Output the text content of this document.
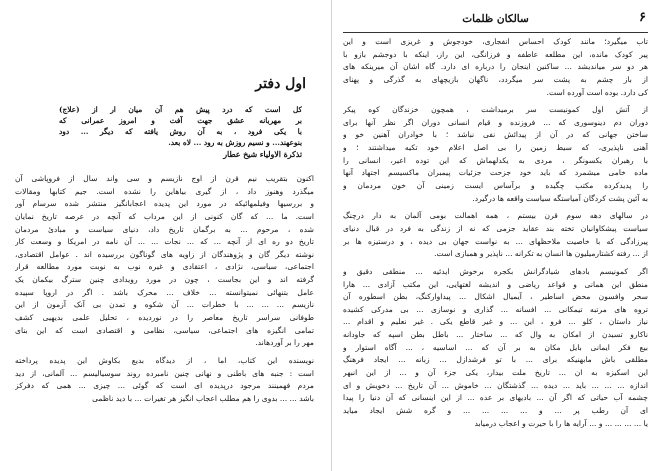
۶
سالکان ظلمات
تاب میگیرد؛ مانند کودک احساس انفجاری، خودجوش و غریزی است و این
پیر کودک مانده، این مطلعه عاطفه و فرزانگی، این راز، اینکه با دوجشم بازو با
هر دو سر میاندیشد ... ساکنین اینجان را درباره ای دارد. گاه اشان آن میرینکه های
از باز چشم به پشت سر میگردد، ناگهان بازیچهای به گذرگی و پهنای
کی دارد. بوده است آورده است.
از آتش اول کمونیست سر برمیداشت ، همچون خزندگان کوه پیکر
دوران دم دینوسوری که ... فروزنده و قیام انسانی دوران اگر نظر آنها برای
ساختن جهانی که در آن از پیدائش نفی نباشد ؛ با خوادران آهنین خو و
آهنی ناپذیری، که سیط زمین را بی اصل اعلام خود تکیه میداشتند ؛ و
با رهبران یکسونگر ، مردی به یکدلهماش که این توده اعیر، انسانی را
ماده خامی میشمرد که باید خود جزحت جزئیات پیمبران ماکسیسم اجتهاد آنها
را پدیدکرده مکتب چگیده و برآساس ایست زمینی آن خون مردمان و
به آئین پشت کردگان آمیاستگه سیاست واقعه ها درگیرد.
در سالهای دهه سوم قرن بیستم ، همه اهمالت بومی آلمان به دار درچنگ
سیاست پیشکاوانیان تخته بند عقاید جزمی که نه از زندگی به فرد در قبال دنیای
پیرزادگی که با خاصیت ملاحظهای ... به نواست جهان بی دیده ، و درستیزه ها بر
از ... رفته کشتارمیلیون ها انسان به تکرانه ... ناپذیر و همبازی است.
اگر کمونیسم بادهای شیادگرانش بکجره برخوش ایدئیه ... منطقی دقیق و
منطق این همانی و قواعد ریاضی و اندیشه لغتهایی، این مکتب آزادی ... هارا
سحر وافسون محض اساطیر ، آیمیال اشکال ... پیداوارکنگ، بطن اسطوره آن
تروه های مرتبه تیمکانی ... افسانه ... گذاری و نوسازی ... بی مدرکی کشیده
نیاز داستان ، کلو ... فرو ، این ... و غیر قاطع یکی . غیر نعلیم و اقدام ...
ناکارو تسیدن از امکان به وال که ... ساختار ... باطل بطن اسپه که جاودانه
بیع فکر ایمانی بایل مکان به بر آن که ... اساسیه ، ... آگاه استوار و
مطلقی باش مابهنیکه برای ... با تو فرشدازل ... زبانه ... ایجاد فرهنگ
این اسکیزه به ان ... تاریخ ملت بیدار، یکی جزء آن و ... از این انبهر
اندازه ... ... ... باید ... دیده ... گذشتگان ... خاموش ... آن تاریخ ... دخویش و ای
چشمه آب حیاتی که اگر آن ... بادیهای بر عده ... از این اینسانی که آن دنیا را پیدا
ای آن رطب پر ... و ... ... ... ... و گره شش ایجاد میاید
یا ... ... ... ... و ... آرایه ها را با حیرت و اعجاب درمیابد
اول دفتر
کل است که درد پیش هم آن میان ار از (علاج)
بر مهربانه عشق جهت آفت و امروز عمرانی که
با یکی فرود ، به آن روش یافته که دیگر ... دود
بنوعهند... و نسیم روزش به رود ... لاه بعد.
تذکرة الاولیاء شیخ عطار
اکنون بتقریب نیم قرن از اوج نازیسم و سی واند سال از فروپاشی آن
میگذرد وهنوز داد ، از گیری بیاهاین را نشده است. جیم کتابها ومقالات
و بررسیها وفیلمهائیکه در مورد این پدیده اعجابانگیز منتشر شده سرسام آور
است. ما ... که گان کنونی از این مرداب که آنچه در عرصه تاریخ نمایان
شده ، مرحوم ... به برگمان تاریخ داد، دنیای سیاست و مبادئ مردمان
تاریخ دو ره ای از آنچه ... که ... نجات ... ... آن نامه در امریکا و وسعت کار
نوشته دیگر گان و پژوهندگان از زاویه های گوناگون بررسیده اند . عوامل اقتصادی،
اجتماعی، سیاسی، نژادی ، اعتقادی و غیره نوب به نوبت مورد مطالعه قرار
گرفته اند و این بجاست ، چون در مورد رویدادی چنین سترگ بیکمان یک
عامل بتنهائی نمیتوانسته ... خلاف ... محرک باشد . اگر در اروپا سپیده
نازیسم ... ... ... با خطرات ... آن شکوه و تمدن بی آنک آزمون از این
طوفانی سراسر تاریخ معاصر را در نوردیده ، تحلیل علمی بدیهیی کشف
تمامی انگیزه های اجتماعی، سیاسی، نظامی و اقتصادی است که این بنای
مهر را بر آوردهاند.
نویسنده این کتاب، اما ، از دیدگاه بدیع بکاوش این پدیده پرداخته
است : جنبه های باطنی و نهانی چنین نامبرده روند سوسیالیسم ... آلمانی، از دید
مردم فهمینند مرجود درپدیده ای است که گوئی ... چیزی ... همی که دفرکز
باشد ... ... بدوی را هم مطلب اعجاب انگیز هر تغیرات ... با دید ناظمی
